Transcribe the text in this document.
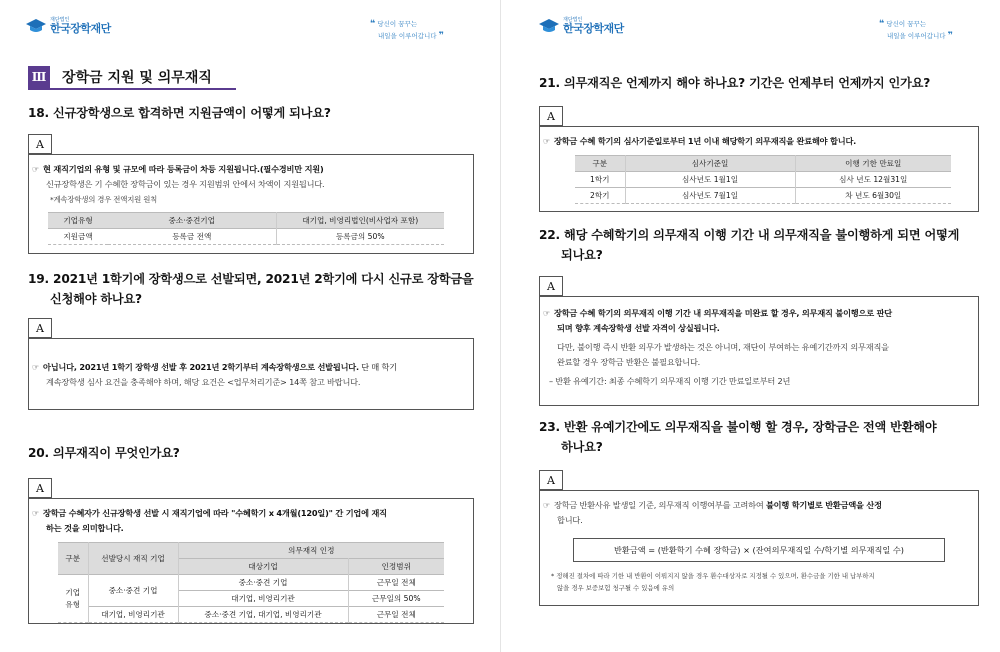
재단법인
한국장학재단	❝ 당신이 꿈꾸는
내일을 이루어갑니다 ❞
Ⅲ 장학금 지원 및 의무재직
18. 신규장학생으로 합격하면 지원금액이 어떻게 되나요?
A
☞ 현 재직기업의 유형 및 규모에 따라 등록금이 차등 지원됩니다.(필수경비만 지원)
신규장학생은 기 수혜한 장학금이 있는 경우 지원범위 안에서 차액이 지원됩니다.
*계속장학생의 경우 전액지원 원칙
기업유형	중소·중견기업	대기업, 비영리법인(비사업자 포함)
지원금액	등록금 전액	등록금의 50%
19. 2021년 1학기에 장학생으로 선발되면, 2021년 2학기에 다시 신규로 장학금을
신청해야 하나요?
A
☞ 아닙니다, 2021년 1학기 장학생 선발 후 2021년 2학기부터 계속장학생으로 선발됩니다. 단 매 학기
계속장학생 심사 요건을 충족해야 하며, 해당 요건은 <업무처리기준> 14쪽 참고 바랍니다.
20. 의무재직이 무엇인가요?
A
☞ 장학금 수혜자가 신규장학생 선발 시 재직기업에 따라 "수혜학기 x 4개월(120일)" 간 기업에 재직
하는 것을 의미합니다.
구분	선발당시 재직 기업	의무재직 인정	
		대상기업	인정범위
기업
유형	중소·중견 기업	중소·중견 기업	근무일 전체
		대기업, 비영리기관	근무일의 50%
	대기업, 비영리기관	중소·중견 기업, 대기업, 비영리기관	근무일 전체
재단법인
한국장학재단	❝ 당신이 꿈꾸는
내일을 이루어갑니다 ❞
21. 의무재직은 언제까지 해야 하나요? 기간은 언제부터 언제까지 인가요?
A
☞ 장학금 수혜 학기의 심사기준일로부터 1년 이내 해당학기 의무재직을 완료해야 합니다.
구분	심사기준일	이행 기한 만료일
1학기	심사년도 1월1일	심사 년도 12월31일
2학기	심사년도 7월1일	차 년도 6월30일
22. 해당 수혜학기의 의무재직 이행 기간 내 의무재직을 불이행하게 되면 어떻게
되나요?
A
☞ 장학금 수혜 학기의 의무재직 이행 기간 내 의무재직을 미완료 할 경우, 의무재직 불이행으로 판단
되며 향후 계속장학생 선발 자격이 상실됩니다.
다만, 불이행 즉시 반환 의무가 발생하는 것은 아니며, 재단이 부여하는 유예기간까지 의무재직을
완료할 경우 장학금 반환은 불필요합니다.
– 반환 유예기간: 최종 수혜학기 의무재직 이행 기간 만료일로부터 2년
23. 반환 유예기간에도 의무재직을 불이행 할 경우, 장학금은 전액 반환해야
하나요?
A
☞ 장학금 반환사유 발생일 기준, 의무재직 이행여부를 고려하여 불이행 학기별로 반환금액을 산정
합니다.
반환금액 = (반환학기 수혜 장학금) × (잔여의무재직일 수/학기별 의무재직일 수)
* 정해진 절차에 따라 기한 내 반환이 이뤄지지 않을 경우 환수대상자로 지정될 수 있으며, 환수금을 기한 내 납부하지
않을 경우 보증보험 청구될 수 있음에 유의
